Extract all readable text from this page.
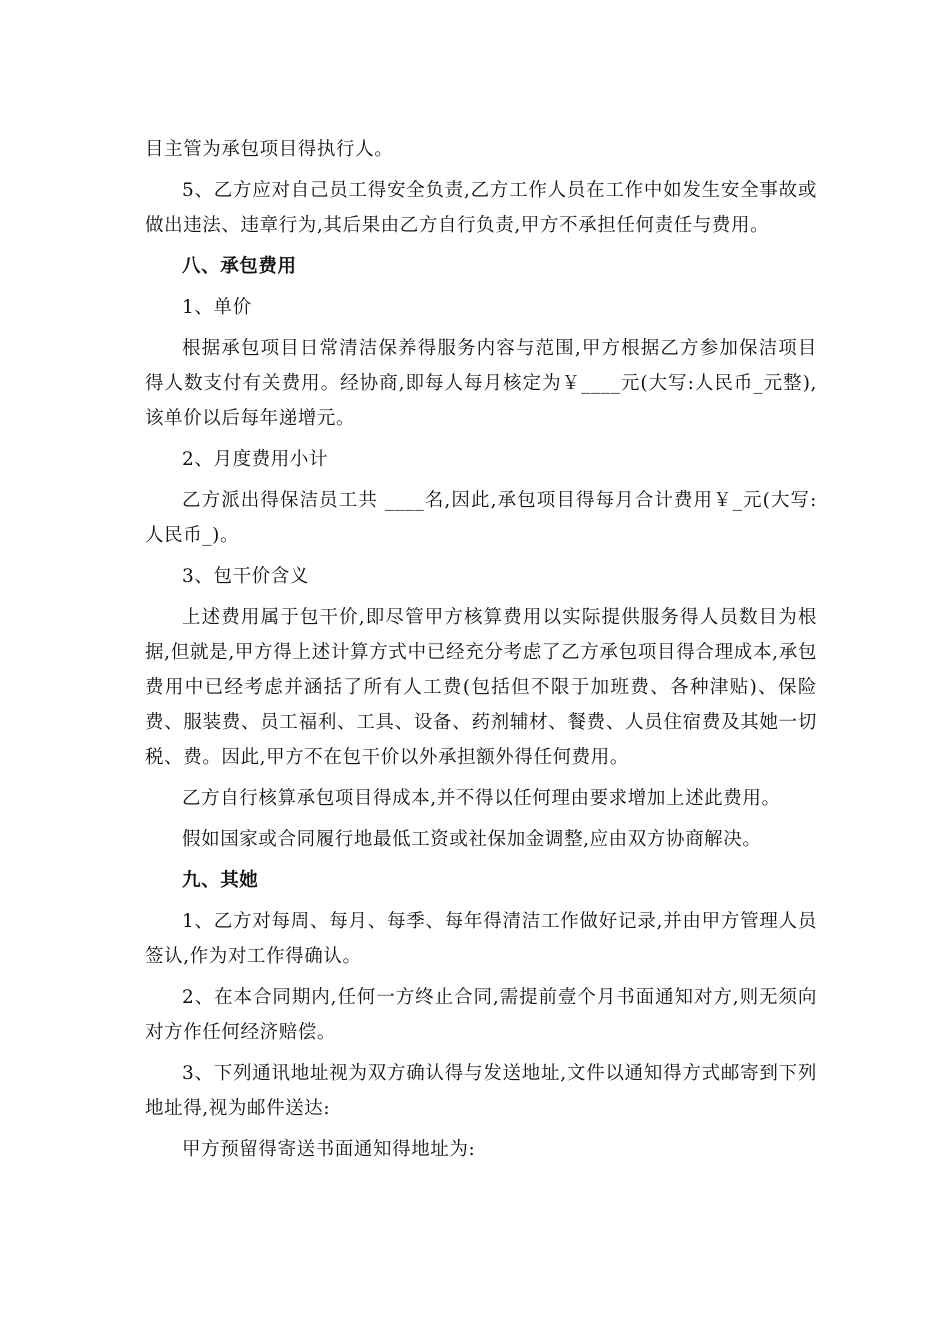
目主管为承包项目得执行人。

5、乙方应对自己员工得安全负责,乙方工作人员在工作中如发生安全事故或做出违法、违章行为,其后果由乙方自行负责,甲方不承担任何责任与费用。

八、承包费用

1、单价

根据承包项目日常清洁保养得服务内容与范围,甲方根据乙方参加保洁项目得人数支付有关费用。经协商,即每人每月核定为￥____元(大写:人民币_元整),该单价以后每年递增元。

2、月度费用小计

乙方派出得保洁员工共 ____名,因此,承包项目得每月合计费用￥_元(大写:人民币_)。

3、包干价含义

上述费用属于包干价,即尽管甲方核算费用以实际提供服务得人员数目为根据,但就是,甲方得上述计算方式中已经充分考虑了乙方承包项目得合理成本,承包费用中已经考虑并涵括了所有人工费(包括但不限于加班费、各种津贴)、保险费、服装费、员工福利、工具、设备、药剂辅材、餐费、人员住宿费及其她一切税、费。因此,甲方不在包干价以外承担额外得任何费用。

乙方自行核算承包项目得成本,并不得以任何理由要求增加上述此费用。

假如国家或合同履行地最低工资或社保加金调整,应由双方协商解决。

九、其她

1、乙方对每周、每月、每季、每年得清洁工作做好记录,并由甲方管理人员签认,作为对工作得确认。

2、在本合同期内,任何一方终止合同,需提前壹个月书面通知对方,则无须向对方作任何经济赔偿。

3、下列通讯地址视为双方确认得与发送地址,文件以通知得方式邮寄到下列地址得,视为邮件送达:

甲方预留得寄送书面通知得地址为:
